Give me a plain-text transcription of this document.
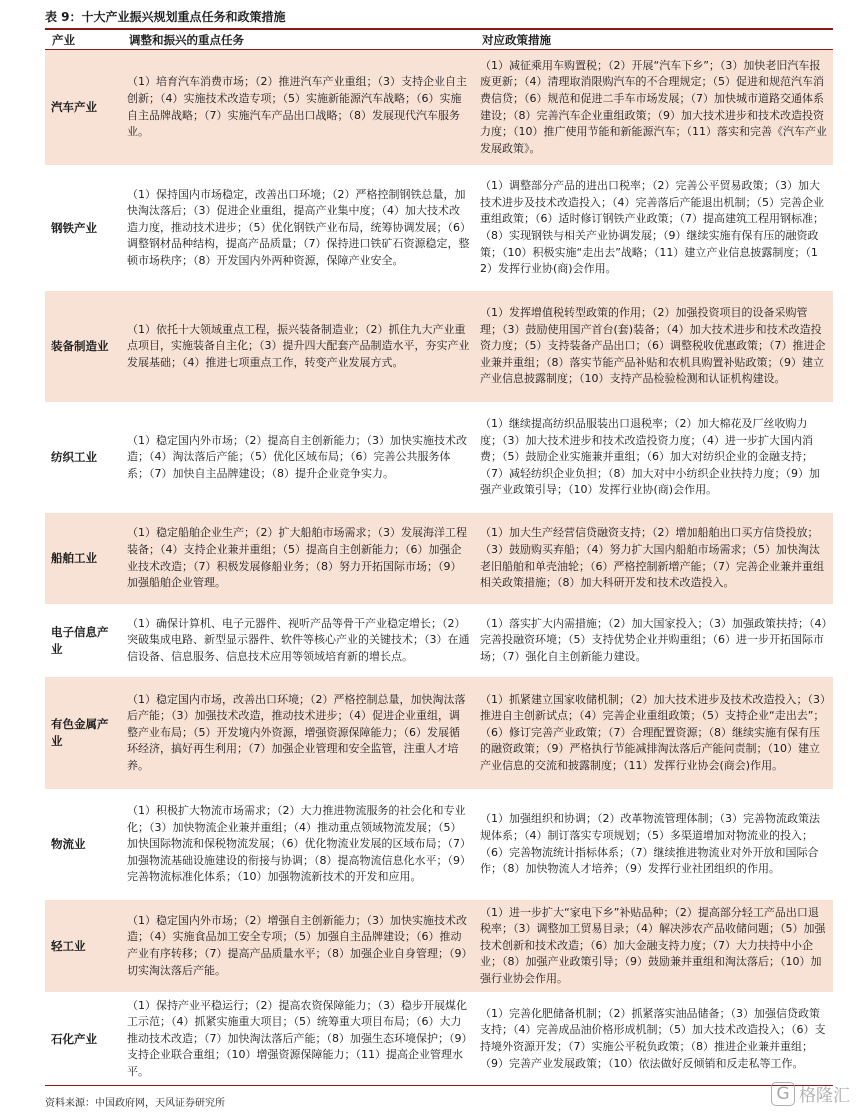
表 9：十大产业振兴规划重点任务和政策措施
产业	调整和振兴的重点任务	对应政策措施
汽车产业	（1）培育汽车消费市场；（2）推进汽车产业重组；（3）支持企业自主创新；（4）实施技术改造专项；（5）实施新能源汽车战略；（6）实施自主品牌战略；（7）实施汽车产品出口战略；（8）发展现代汽车服务业。	（1）减征乘用车购置税；（2）开展“汽车下乡”；（3）加快老旧汽车报废更新；（4）清理取消限购汽车的不合理规定；（5）促进和规范汽车消费信贷；（6）规范和促进二手车市场发展；（7）加快城市道路交通体系建设；（8）完善汽车企业重组政策；（9）加大技术进步和技术改造投资力度；（10）推广使用节能和新能源汽车；（11）落实和完善《汽车产业发展政策》。
钢铁产业	（1）保持国内市场稳定，改善出口环境；（2）严格控制钢铁总量，加快淘汰落后；（3）促进企业重组，提高产业集中度；（4）加大技术改造力度，推动技术进步；（5）优化钢铁产业布局，统筹协调发展；（6）调整钢材品种结构，提高产品质量；（7）保持进口铁矿石资源稳定，整顿市场秩序；（8）开发国内外两种资源，保障产业安全。	（1）调整部分产品的进出口税率；（2）完善公平贸易政策；（3）加大技术进步及技术改造投入；（4）完善落后产能退出机制；（5）完善企业重组政策；（6）适时修订钢铁产业政策；（7）提高建筑工程用钢标准；（8）实现钢铁与相关产业协调发展；（9）继续实施有保有压的融资政策；（10）积极实施“走出去”战略；（11）建立产业信息披露制度；（12）发挥行业协(商)会作用。
装备制造业	（1）依托十大领域重点工程，振兴装备制造业；（2）抓住九大产业重点项目，实施装备自主化；（3）提升四大配套产品制造水平，夯实产业发展基础；（4）推进七项重点工作，转变产业发展方式。	（1）发挥增值税转型政策的作用；（2）加强投资项目的设备采购管理；（3）鼓励使用国产首台(套)装备；（4）加大技术进步和技术改造投资力度；（5）支持装备产品出口；（6）调整税收优惠政策；（7）推进企业兼并重组；（8）落实节能产品补贴和农机具购置补贴政策；（9）建立产业信息披露制度；（10）支持产品检验检测和认证机构建设。
纺织工业	（1）稳定国内外市场；（2）提高自主创新能力；（3）加快实施技术改造；（4）淘汰落后产能；（5）优化区域布局；（6）完善公共服务体系；（7）加快自主品牌建设；（8）提升企业竞争实力。	（1）继续提高纺织品服装出口退税率；（2）加大棉花及厂丝收购力度；（3）加大技术进步和技术改造投资力度；（4）进一步扩大国内消费；（5）鼓励企业实施兼并重组；（6）加大对纺织企业的金融支持；（7）减轻纺织企业负担；（8）加大对中小纺织企业扶持力度；（9）加强产业政策引导；（10）发挥行业协(商)会作用。
船舶工业	（1）稳定船舶企业生产；（2）扩大船舶市场需求；（3）发展海洋工程装备；（4）支持企业兼并重组；（5）提高自主创新能力；（6）加强企业技术改造；（7）积极发展修船业务；（8）努力开拓国际市场；（9）加强船舶企业管理。	（1）加大生产经营信贷融资支持；（2）增加船舶出口买方信贷投放；（3）鼓励购买弃船；（4）努力扩大国内船舶市场需求；（5）加快淘汰老旧船舶和单壳油轮；（6）严格控制新增产能；（7）完善企业兼并重组相关政策措施；（8）加大科研开发和技术改造投入。
电子信息产业	（1）确保计算机、电子元器件、视听产品等骨干产业稳定增长；（2）突破集成电路、新型显示器件、软件等核心产业的关键技术；（3）在通信设备、信息服务、信息技术应用等领域培育新的增长点。	（1）落实扩大内需措施；（2）加大国家投入；（3）加强政策扶持；（4）完善投融资环境；（5）支持优势企业并购重组；（6）进一步开拓国际市场；（7）强化自主创新能力建设。
有色金属产业	（1）稳定国内市场，改善出口环境；（2）严格控制总量，加快淘汰落后产能；（3）加强技术改造，推动技术进步；（4）促进企业重组，调整产业布局；（5）开发境内外资源，增强资源保障能力；（6）发展循环经济，搞好再生利用；（7）加强企业管理和安全监管，注重人才培养。	（1）抓紧建立国家收储机制；（2）加大技术进步及技术改造投入；（3）推进自主创新试点；（4）完善企业重组政策；（5）支持企业“走出去”；（6）修订完善产业政策；（7）合理配置资源；（8）继续实施有保有压的融资政策；（9）严格执行节能减排淘汰落后产能问责制；（10）建立产业信息的交流和披露制度；（11）发挥行业协会(商会)作用。
物流业	（1）积极扩大物流市场需求；（2）大力推进物流服务的社会化和专业化；（3）加快物流企业兼并重组；（4）推动重点领域物流发展；（5）加快国际物流和保税物流发展；（6）优化物流业发展的区域布局；（7）加强物流基础设施建设的衔接与协调；（8）提高物流信息化水平；（9）完善物流标准化体系；（10）加强物流新技术的开发和应用。	（1）加强组织和协调；（2）改革物流管理体制；（3）完善物流政策法规体系；（4）制订落实专项规划；（5）多渠道增加对物流业的投入；（6）完善物流统计指标体系；（7）继续推进物流业对外开放和国际合作；（8）加快物流人才培养；（9）发挥行业社团组织的作用。
轻工业	（1）稳定国内外市场；（2）增强自主创新能力；（3）加快实施技术改造；（4）实施食品加工安全专项；（5）加强自主品牌建设；（6）推动产业有序转移；（7）提高产品质量水平；（8）加强企业自身管理；（9）切实淘汰落后产能。	（1）进一步扩大“家电下乡”补贴品种；（2）提高部分轻工产品出口退税率；（3）调整加工贸易目录；（4）解决涉农产品收储问题；（5）加强技术创新和技术改造；（6）加大金融支持力度；（7）大力扶持中小企业；（8）加强产业政策引导；（9）鼓励兼并重组和淘汰落后；（10）加强行业协会作用。
石化产业	（1）保持产业平稳运行；（2）提高农资保障能力；（3）稳步开展煤化工示范；（4）抓紧实施重大项目；（5）统筹重大项目布局；（6）大力推动技术改造；（7）加快淘汰落后产能；（8）加强生态环境保护；（9）支持企业联合重组；（10）增强资源保障能力；（11）提高企业管理水平。	（1）完善化肥储备机制；（2）抓紧落实油品储备；（3）加强信贷政策支持；（4）完善成品油价格形成机制；（5）加大技术改造投入；（6）支持境外资源开发；（7）实施公平税负政策；（8）推进企业兼并重组；（9）完善产业发展政策；（10）依法做好反倾销和反走私等工作。
资料来源：中国政府网，天风证券研究所	G 格隆汇
